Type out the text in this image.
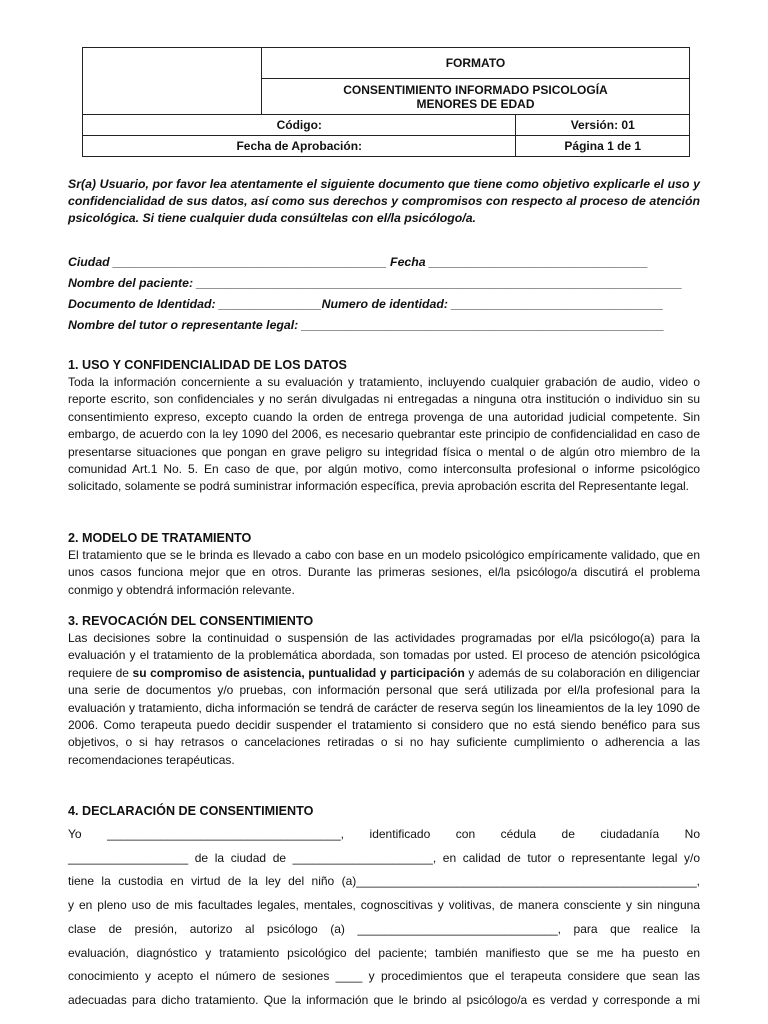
	FORMATO	
	CONSENTIMIENTO INFORMADO PSICOLOGÍA
MENORES DE EDAD	
Código:		Versión: 01
Fecha de Aprobación:		Página 1 de 1

Sr(a) Usuario, por favor lea atentamente el siguiente documento que tiene como objetivo explicarle el uso y confidencialidad de sus datos, así como sus derechos y compromisos con respecto al proceso de atención psicológica. Si tiene cualquier duda consúltelas con el/la psicólogo/a.

Ciudad ________________________________________ Fecha ________________________________

Nombre del paciente: _______________________________________________________________________

Documento de Identidad: _______________Numero de identidad: _______________________________

Nombre del tutor o representante legal: _____________________________________________________

1. USO Y CONFIDENCIALIDAD DE LOS DATOS

Toda la información concerniente a su evaluación y tratamiento, incluyendo cualquier grabación de audio, video o reporte escrito, son confidenciales y no serán divulgadas ni entregadas a ninguna otra institución o individuo sin su consentimiento expreso, excepto cuando la orden de entrega provenga de una autoridad judicial competente. Sin embargo, de acuerdo con la ley 1090 del 2006, es necesario quebrantar este principio de confidencialidad en caso de presentarse situaciones que pongan en grave peligro su integridad física o mental o de algún otro miembro de la comunidad Art.1 No. 5. En caso de que, por algún motivo, como interconsulta profesional o informe psicológico solicitado, solamente se podrá suministrar información específica, previa aprobación escrita del Representante legal.

2. MODELO DE TRATAMIENTO

El tratamiento que se le brinda es llevado a cabo con base en un modelo psicológico empíricamente validado, que en unos casos funciona mejor que en otros. Durante las primeras sesiones, el/la psicólogo/a discutirá el problema conmigo y obtendrá información relevante.

3. REVOCACIÓN DEL CONSENTIMIENTO

Las decisiones sobre la continuidad o suspensión de las actividades programadas por el/la psicólogo(a) para la evaluación y el tratamiento de la problemática abordada, son tomadas por usted. El proceso de atención psicológica requiere de su compromiso de asistencia, puntualidad y participación y además de su colaboración en diligenciar una serie de documentos y/o pruebas, con información personal que será utilizada por el/la profesional para la evaluación y tratamiento, dicha información se tendrá de carácter de reserva según los lineamientos de la ley 1090 de 2006. Como terapeuta puedo decidir suspender el tratamiento si considero que no está siendo benéfico para sus objetivos, o si hay retrasos o cancelaciones retiradas o si no hay suficiente cumplimiento o adherencia a las recomendaciones terapéuticas.

4. DECLARACIÓN DE CONSENTIMIENTO
Yo ___________________________________, identificado con cédula de ciudadanía No
__________________ de la ciudad de _____________________, en calidad de tutor o representante legal y/o
tiene la custodia en virtud de la ley del niño (a)___________________________________________________,
y en pleno uso de mis facultades legales, mentales, cognoscitivas y volitivas, de manera consciente y sin ninguna
clase de presión, autorizo al psicólogo (a) ______________________________, para que realice la
evaluación, diagnóstico y tratamiento psicológico del paciente; también manifiesto que se me ha puesto en
conocimiento y acepto el número de sesiones ____ y procedimientos que el terapeuta considere que sean las
adecuadas para dicho tratamiento. Que la información que le brindo al psicólogo/a es verdad y corresponde a mi
